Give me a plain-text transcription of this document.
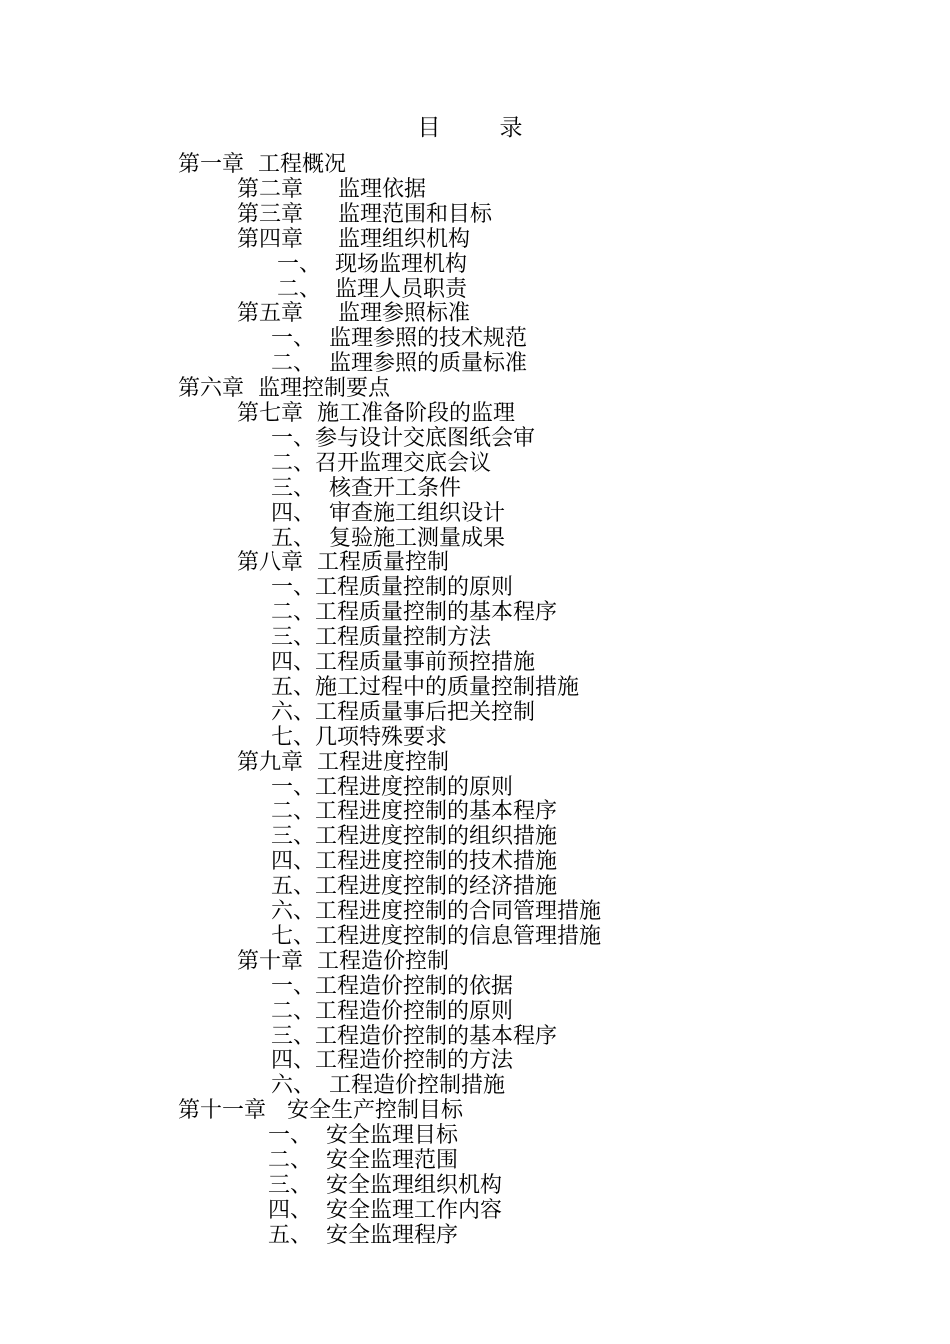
目　录
第一章  工程概况
第二章     监理依据
第三章     监理范围和目标
第四章     监理组织机构
一、  现场监理机构
二、  监理人员职责
第五章     监理参照标准
一、  监理参照的技术规范
二、  监理参照的质量标准
第六章  监理控制要点
第七章  施工准备阶段的监理
一、参与设计交底图纸会审
二、召开监理交底会议
三、  核查开工条件
四、  审查施工组织设计
五、  复验施工测量成果
第八章  工程质量控制
一、工程质量控制的原则
二、工程质量控制的基本程序
三、工程质量控制方法
四、工程质量事前预控措施
五、施工过程中的质量控制措施
六、工程质量事后把关控制
七、几项特殊要求
第九章  工程进度控制
一、工程进度控制的原则
二、工程进度控制的基本程序
三、工程进度控制的组织措施
四、工程进度控制的技术措施
五、工程进度控制的经济措施
六、工程进度控制的合同管理措施
七、工程进度控制的信息管理措施
第十章  工程造价控制
一、工程造价控制的依据
二、工程造价控制的原则
三、工程造价控制的基本程序
四、工程造价控制的方法
六、  工程造价控制措施
第十一章   安全生产控制目标
一、  安全监理目标
二、  安全监理范围
三、  安全监理组织机构
四、  安全监理工作内容
五、  安全监理程序
